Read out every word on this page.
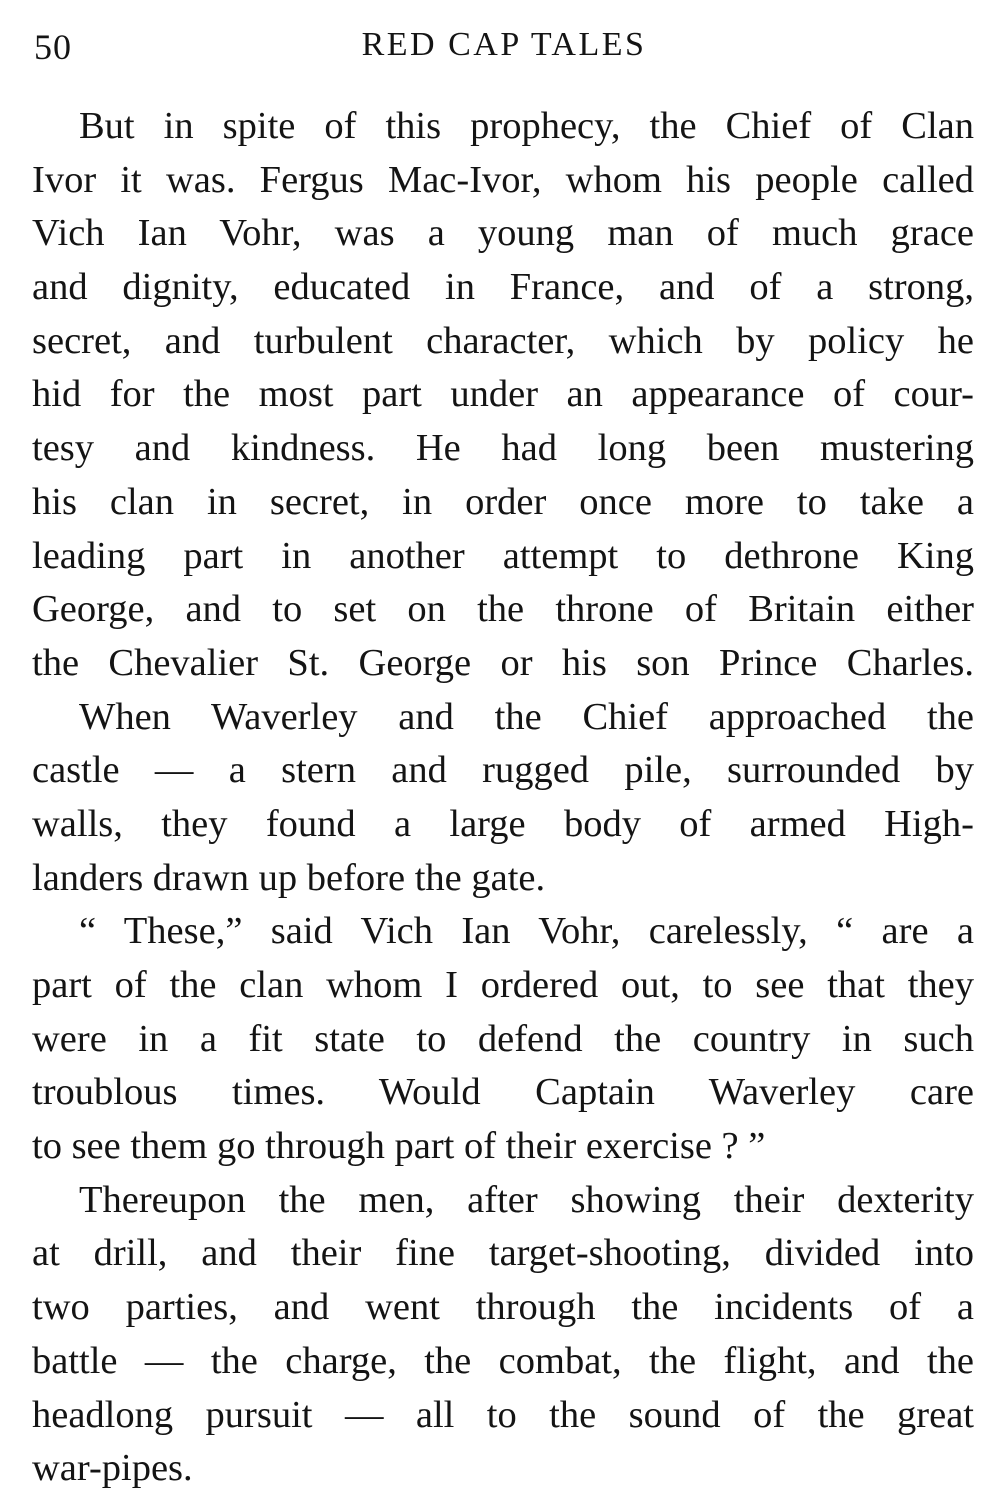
50	RED CAP TALES
But in spite of this prophecy, the Chief of Clan
Ivor it was. Fergus Mac-Ivor, whom his people called
Vich Ian Vohr, was a young man of much grace
and dignity, educated in France, and of a strong,
secret, and turbulent character, which by policy he
hid for the most part under an appearance of cour-
tesy and kindness. He had long been mustering
his clan in secret, in order once more to take a
leading part in another attempt to dethrone King
George, and to set on the throne of Britain either
the Chevalier St. George or his son Prince Charles.
When Waverley and the Chief approached the
castle — a stern and rugged pile, surrounded by
walls, they found a large body of armed High-
landers drawn up before the gate.
“ These,” said Vich Ian Vohr, carelessly, “ are a
part of the clan whom I ordered out, to see that they
were in a fit state to defend the country in such
troublous times. Would Captain Waverley care
to see them go through part of their exercise ? ”
Thereupon the men, after showing their dexterity
at drill, and their fine target-shooting, divided into
two parties, and went through the incidents of a
battle — the charge, the combat, the flight, and the
headlong pursuit — all to the sound of the great
war-pipes.
